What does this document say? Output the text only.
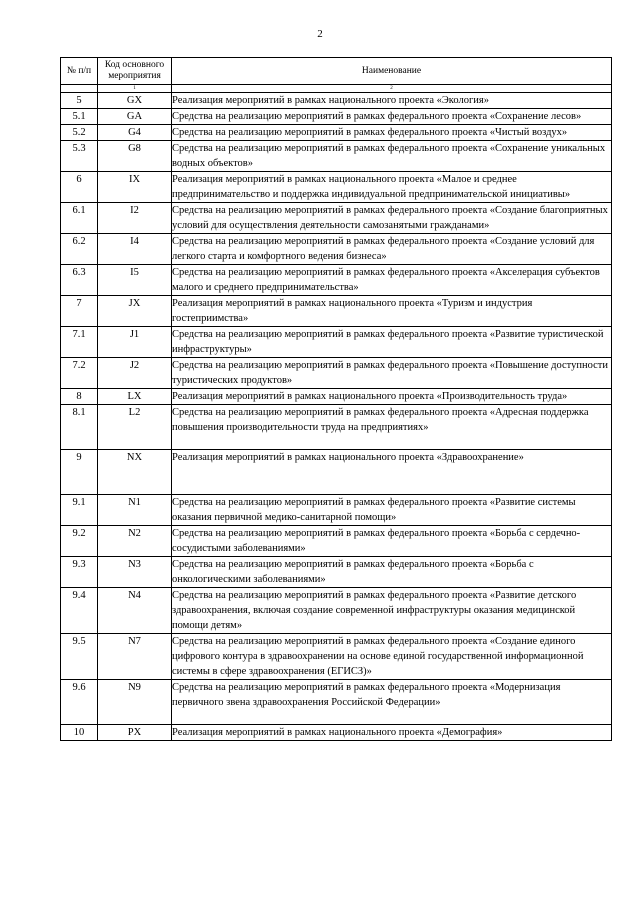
2
№ п/п	Код основного мероприятия	Наименование
	1	2
5	GX	Реализация мероприятий в рамках национального проекта «Экология»
5.1	GA	Средства на реализацию мероприятий в рамках федерального проекта «Сохранение лесов»
5.2	G4	Средства на реализацию мероприятий в рамках федерального проекта «Чистый воздух»
5.3	G8	Средства на реализацию мероприятий в рамках федерального проекта «Сохранение уникальных водных объектов»
6	IX	Реализация мероприятий в рамках национального проекта «Малое и среднее предпринимательство и поддержка индивидуальной предпринимательской инициативы»
6.1	I2	Средства на реализацию мероприятий в рамках федерального проекта «Создание благоприятных условий для осуществления деятельности самозанятыми гражданами»
6.2	I4	Средства на реализацию мероприятий в рамках федерального проекта «Создание условий для легкого старта и комфортного ведения бизнеса»
6.3	I5	Средства на реализацию мероприятий в рамках федерального проекта «Акселерация субъектов малого и среднего предпринимательства»
7	JX	Реализация мероприятий в рамках национального проекта «Туризм и индустрия гостеприимства»
7.1	J1	Средства на реализацию мероприятий в рамках федерального проекта «Развитие туристической инфраструктуры»
7.2	J2	Средства на реализацию мероприятий в рамках федерального проекта «Повышение доступности туристических продуктов»
8	LX	Реализация мероприятий в рамках национального проекта «Производительность труда»
8.1	L2	Средства на реализацию мероприятий в рамках федерального проекта «Адресная поддержка повышения производительности труда на предприятиях»
9	NX	Реализация мероприятий в рамках национального проекта «Здравоохранение»
9.1	N1	Средства на реализацию мероприятий в рамках федерального проекта «Развитие системы оказания первичной медико-санитарной помощи»
9.2	N2	Средства на реализацию мероприятий в рамках федерального проекта «Борьба с сердечно-сосудистыми заболеваниями»
9.3	N3	Средства на реализацию мероприятий в рамках федерального проекта «Борьба с онкологическими заболеваниями»
9.4	N4	Средства на реализацию мероприятий в рамках федерального проекта «Развитие детского здравоохранения, включая создание современной инфраструктуры оказания медицинской помощи детям»
9.5	N7	Средства на реализацию мероприятий в рамках федерального проекта «Создание единого цифрового контура в здравоохранении на основе единой государственной информационной системы в сфере здравоохранения (ЕГИСЗ)»
9.6	N9	Средства на реализацию мероприятий в рамках федерального проекта «Модернизация первичного звена здравоохранения Российской Федерации»
10	PX	Реализация мероприятий в рамках национального проекта «Демография»
